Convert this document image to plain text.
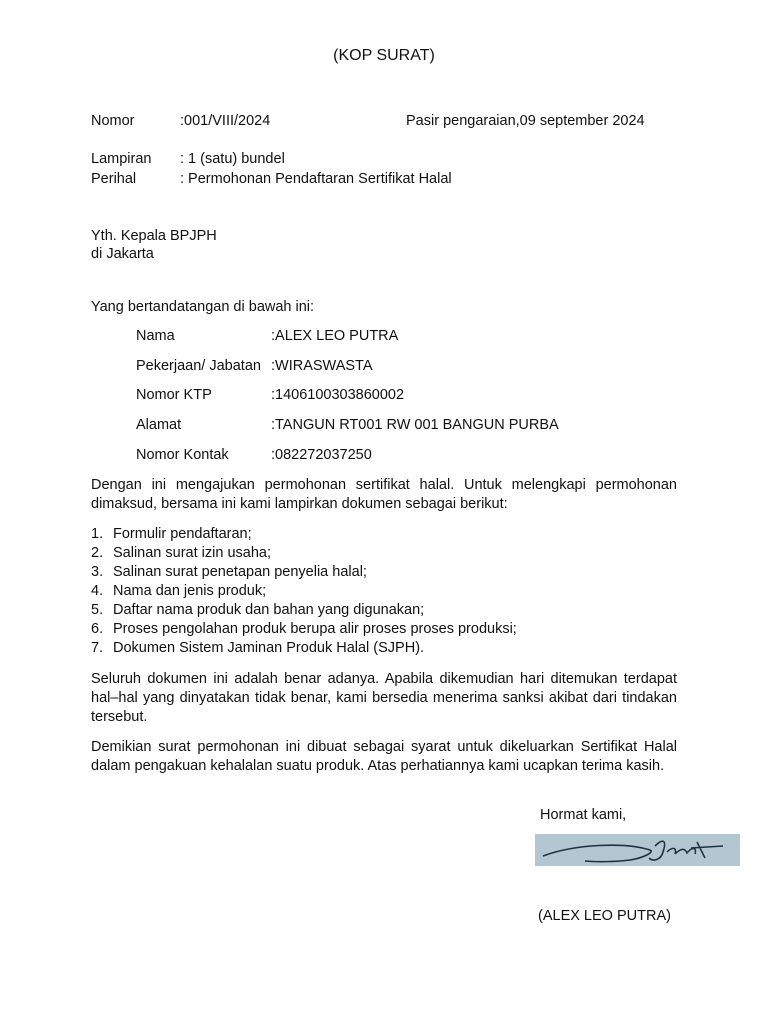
(KOP SURAT)
Nomor	:001/VIII/2024	Pasir pengaraian,09 september 2024
Lampiran : 1 (satu) bundel
Perihal	: Permohonan Pendaftaran Sertifikat Halal
Yth. Kepala BPJPH
di Jakarta
Yang bertandatangan di bawah ini:
Nama	:ALEX LEO PUTRA
Pekerjaan/ Jabatan :WIRASWASTA
Nomor KTP	:1406100303860002
Alamat	:TANGUN RT001 RW 001 BANGUN PURBA
Nomor Kontak	:082272037250
Dengan ini mengajukan permohonan sertifikat halal. Untuk melengkapi permohonan dimaksud, bersama ini kami lampirkan dokumen sebagai berikut:
1. Formulir pendaftaran;
2. Salinan surat izin usaha;
3. Salinan surat penetapan penyelia halal;
4. Nama dan jenis produk;
5. Daftar nama produk dan bahan yang digunakan;
6. Proses pengolahan produk berupa alir proses proses produksi;
7. Dokumen Sistem Jaminan Produk Halal (SJPH).
Seluruh dokumen ini adalah benar adanya. Apabila dikemudian hari ditemukan terdapat hal–hal yang dinyatakan tidak benar, kami bersedia menerima sanksi akibat dari tindakan tersebut.
Demikian surat permohonan ini dibuat sebagai syarat untuk dikeluarkan Sertifikat Halal dalam pengakuan kehalalan suatu produk. Atas perhatiannya kami ucapkan terima kasih.
Hormat kami,
(ALEX LEO PUTRA)
